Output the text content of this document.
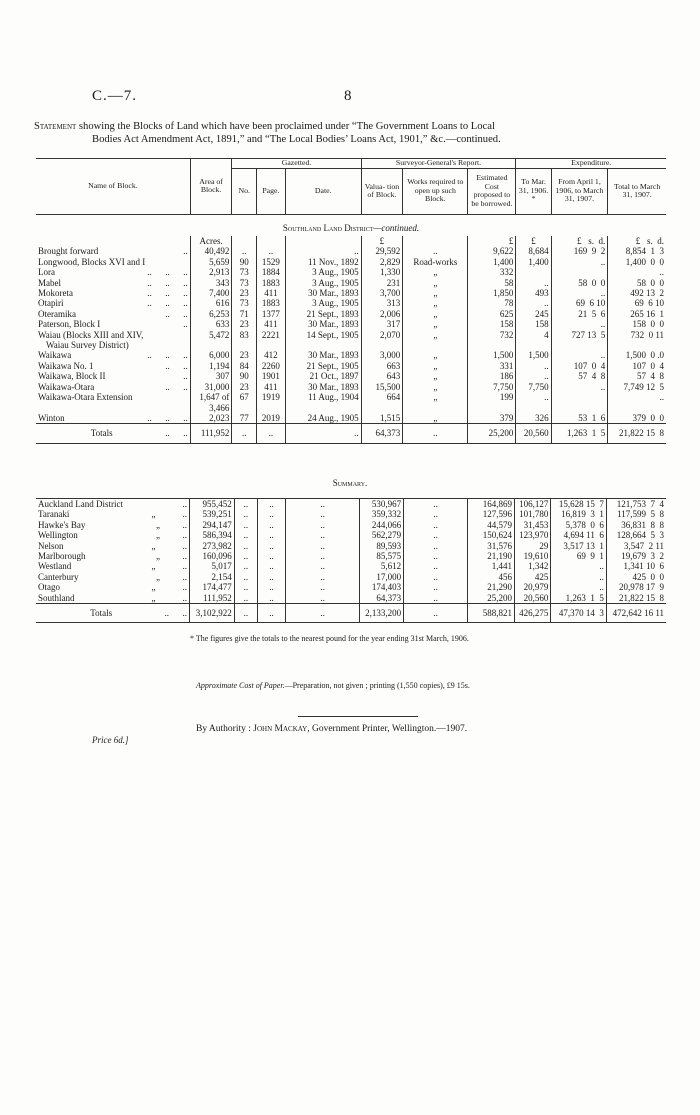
C.—7.	8
Statement showing the Blocks of Land which have been proclaimed under “The Government Loans to Local
Bodies Act Amendment Act, 1891,” and “The Local Bodies’ Loans Act, 1901,” &c.—continued.
Name of Block.	Area of Block.	Gazetted.			Surveyor-General's Report.			Expenditure.		
		No.	Page.	Date.	Valua- tion of Block.	Works required to open up such Block.	Estimated Cost proposed to be borrowed.	To Mar. 31, 1906. *	From April 1, 1906, to March 31, 1907.	Total to March 31, 1907.
Southland Land District—continued.										
	Acres.				£		£	£	£   s.  d.	£   s.  d.
Brought forward ..	40,492	..	..	..	29,592	..	9,622	8,684	169  9  2	8,854  1  3
Longwood, Blocks XVI and I	5,659	90	1529	11 Nov., 1892	2,829	Road-works	1,400	1,400	..	1,400  0  0
Lora ..      ..      ..	2,913	73	1884	3 Aug., 1905	1,330	„	332			..
Mabel ..      ..      ..	343	73	1883	3 Aug., 1905	231	„	58	..	58  0  0	58  0  0
Mokoreta ..      ..      ..	7,400	23	411	30 Mar., 1893	3,700	„	1,850	493	..	492 13  2
Otapiri ..      ..      ..	616	73	1883	3 Aug., 1905	313	„	78	..	69  6 10	69  6 10
Oteramika ..      ..	6,253	71	1377	21 Sept., 1893	2,006	„	625	245	21  5  6	265 16  1
Paterson, Block I ..	633	23	411	30 Mar., 1893	317	„	158	158	..	158  0  0
Waiau (Blocks XIII and XIV,
Waiau Survey District)	5,472	83	2221	14 Sept., 1905	2,070	„	732	4	727 13  5	732  0 11
Waikawa ..      ..      ..	6,000	23	412	30 Mar., 1893	3,000	„	1,500	1,500	..	1,500  0 .0
Waikawa No. 1 ..      ..	1,194	84	2260	21 Sept., 1905	663	„	331	..	107  0  4	107  0  4
Waikawa, Block II ..	307	90	1901	21 Oct., 1897	643	„	186	..	57  4  8	57  4  8
Waikawa-Otara ..      ..	31,000	23	411	30 Mar., 1893	15,500	„	7,750	7,750	..	7,749 12  5
Waikawa-Otara Extension	1,647 of
3,466	67	1919	11 Aug., 1904	664	„	199	..		..
Winton ..      ..      ..	2,023	77	2019	24 Aug., 1905	1,515	„	379	326	53  1  6	379  0  0
Totals ..      ..	111,952	..	..	..	64,373	..	25,200	20,560	1,263  1  5	21,822 15  8
Summary.
Auckland Land District ..	955,452	..	..	..	530,967	..	164,869	106,127	15,628 15  7	121,753  7  4
Taranaki „            ..	539,251	..	..	..	359,332	..	127,596	101,780	16,819  3  1	117,599  5  8
Hawke's Bay „          ..	294,147	..	..	..	244,066	..	44,579	31,453	5,378  0  6	36,831  8  8
Wellington „          ..	586,394	..	..	..	562,279	..	150,624	123,970	4,694 11  6	128,664  5  3
Nelson „            ..	273,982	..	..	..	89,593	..	31,576	29	3,517 13  1	3,547  2 11
Marlborough „          ..	160,096	..	..	..	85,575	..	21,190	19,610	69  9  1	19,679  3  2
Westland „            ..	5,017	..	..	..	5,612	..	1,441	1,342	..	1,341 10  6
Canterbury „          ..	2,154	..	..	..	17,000	..	456	425	..	425  0  0
Otago „            ..	174,477	..	..	..	174,403	..	21,290	20,979	..	20,978 17  9
Southland „            ..	111,952	..	..	..	64,373	..	25,200	20,560	1,263  1  5	21,822 15  8
Totals ..      ..	3,102,922	..	..	..	2,133,200	..	588,821	426,275	47,370 14  3	472,642 16 11
* The figures give the totals to the nearest pound for the year ending 31st March, 1906.
Approximate Cost of Paper.—Preparation, not given ; printing (1,550 copies), £9 15s.
By Authority : John Mackay, Government Printer, Wellington.—1907.
Price 6d.]
